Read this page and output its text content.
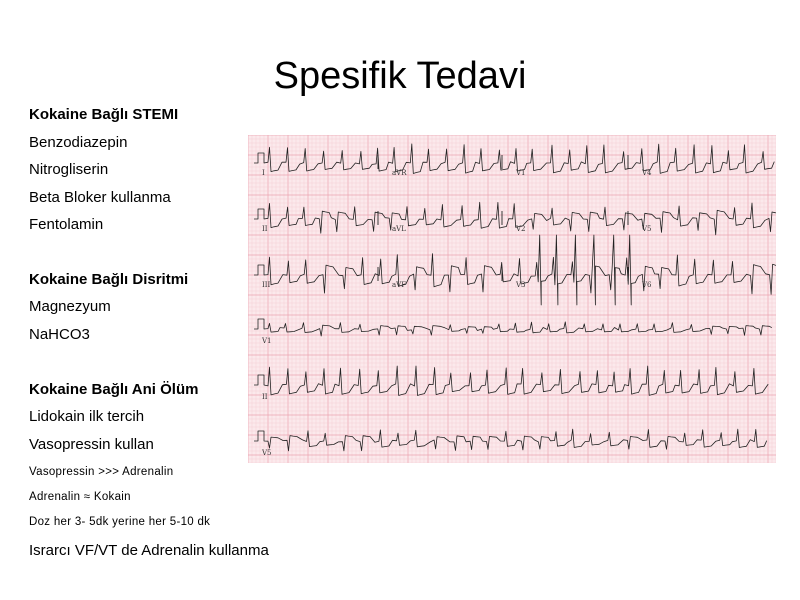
Spesifik Tedavi
Kokaine Bağlı STEMI
Benzodiazepin
Nitrogliserin
Beta Bloker kullanma
Fentolamin
Kokaine Bağlı Disritmi
Magnezyum
NaHCO3
Kokaine Bağlı Ani Ölüm
Lidokain ilk tercih
Vasopressin kullan
Vasopressin >>> Adrenalin
Adrenalin ≈ Kokain
Doz her 3- 5dk yerine her 5-10 dk
Israrcı VF/VT de Adrenalin kullanma
I	aVR	V1	V4
II	aVL	V2	V5
III	aVF	V3	V6
V1
II
V5
